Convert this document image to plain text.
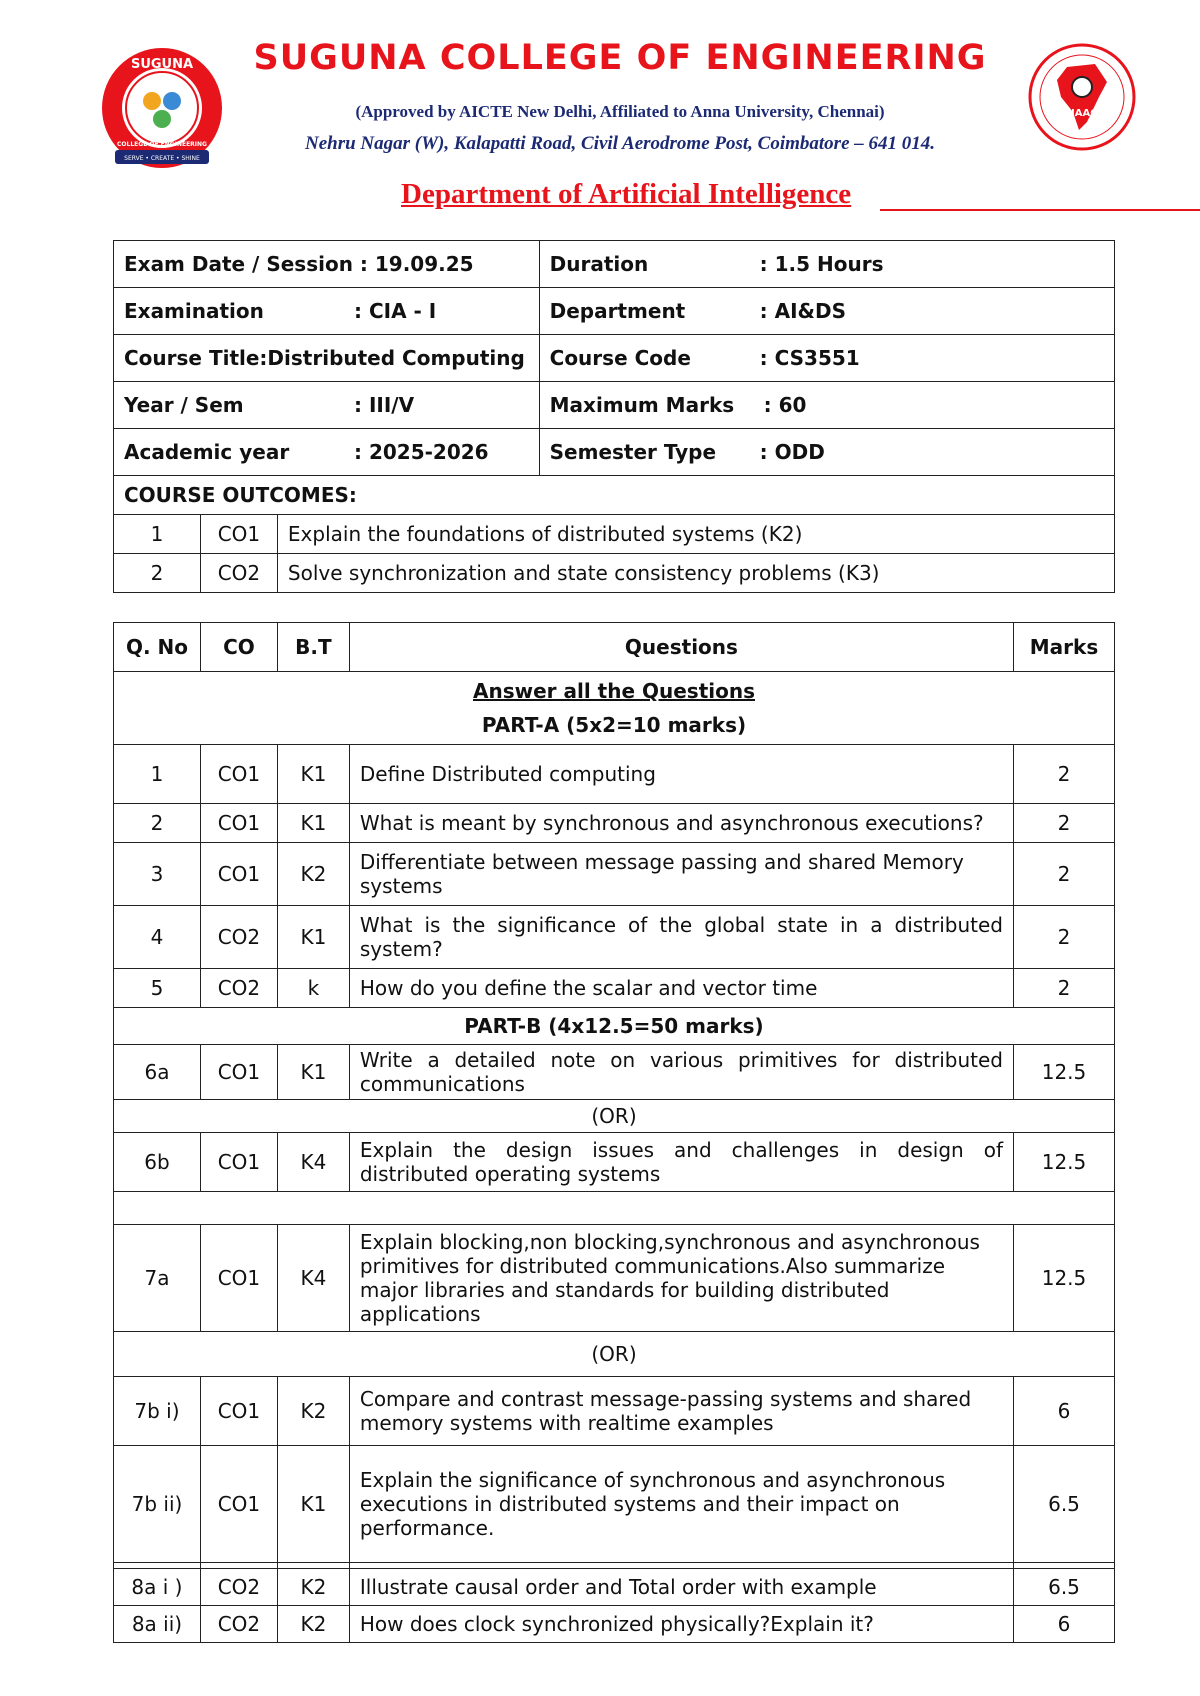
SUGUNA
COLLEGE OF ENGINEERING
SERVE • CREATE • SHINE
NAAC
SUGUNA COLLEGE OF ENGINEERING
(Approved by AICTE New Delhi, Affiliated to Anna University, Chennai)
Nehru Nagar (W), Kalapatti Road, Civil Aerodrome Post, Coimbatore – 641 014.
Department of Artificial Intelligence
Exam Date / Session : 19.09.25			Duration : 1.5 Hours
Examination : CIA - I			Department : AI&DS
Course Title:Distributed Computing			Course Code : CS3551
Year / Sem : III/V			Maximum Marks : 60
Academic year : 2025-2026			Semester Type : ODD
COURSE OUTCOMES:			
1	CO1	Explain the foundations of distributed systems (K2)	
2	CO2	Solve synchronization and state consistency problems (K3)	
Q. No	CO	B.T	Questions	Marks

Answer all the Questions
PART-A (5x2=10 marks)				

1	CO1	K1	Define Distributed computing	2
2	CO1	K1	What is meant by synchronous and asynchronous executions?	2
3	CO1	K2	Differentiate between message passing and shared Memory systems	2
4	CO2	K1	What is the significance of the global state in a distributed system?	2
5	CO2	k	How do you define the scalar and vector time	2
PART-B (4x12.5=50 marks)				
6a	CO1	K1	Write a detailed note on various primitives for distributed communications	12.5
(OR)				
6b	CO1	K4	Explain the design issues and challenges in design of distributed operating systems	12.5

7a	CO1	K4	Explain blocking,non blocking,synchronous and asynchronous primitives for distributed communications.Also summarize major libraries and standards for building distributed applications	12.5
(OR)				
7b i)	CO1	K2	Compare and contrast message-passing systems and shared memory systems with realtime examples	6
7b ii)	CO1	K1	Explain the significance of synchronous and asynchronous executions in distributed systems and their impact on performance.	6.5

8a i )	CO2	K2	Illustrate causal order and Total order with example	6.5
8a ii)	CO2	K2	How does clock synchronized physically?Explain it?	6
